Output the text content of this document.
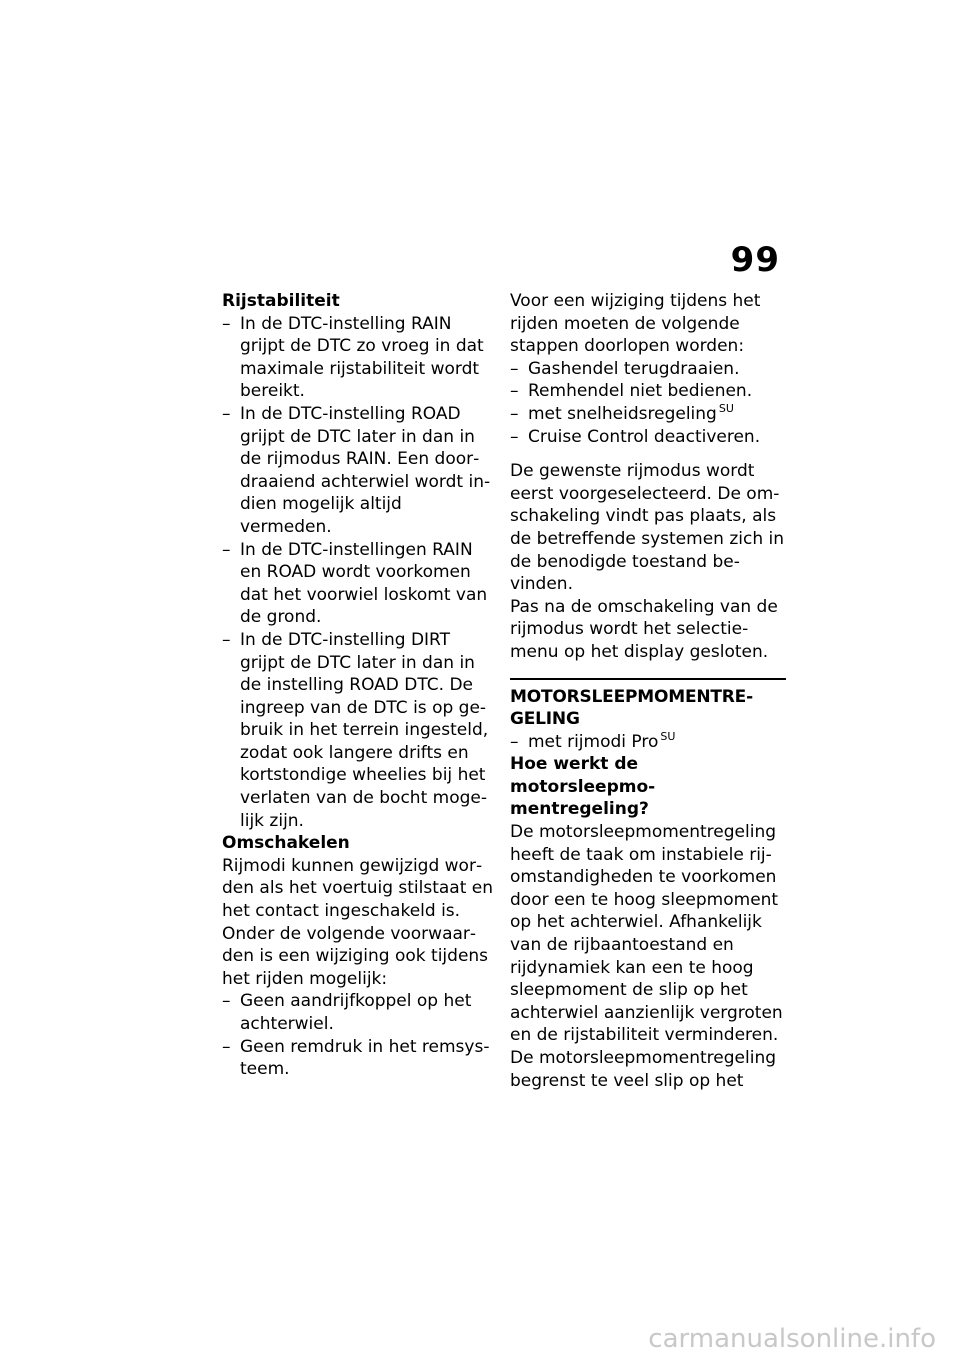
99

Rijstabiliteit

– In de DTC-instelling RAIN grijpt de DTC zo vroeg in dat maximale rijstabiliteit wordt bereikt.

– In de DTC-instelling ROAD grijpt de DTC later in dan in de rijmodus RAIN. Een doordraaiend achterwiel wordt indien mogelijk altijd vermeden.

– In de DTC-instellingen RAIN en ROAD wordt voorkomen dat het voorwiel loskomt van de grond.

– In de DTC-instelling DIRT grijpt de DTC later in dan in de instelling ROAD DTC. De ingreep van de DTC is op gebruik in het terrein ingesteld, zodat ook langere drifts en kortstondige wheelies bij het verlaten van de bocht mogelijk zijn.

Omschakelen

Rijmodi kunnen gewijzigd worden als het voertuig stilstaat en het contact ingeschakeld is.

Onder de volgende voorwaarden is een wijziging ook tijdens het rijden mogelijk:

– Geen aandrijfkoppel op het achterwiel.

– Geen remdruk in het remsysteem.

Voor een wijziging tijdens het rijden moeten de volgende stappen doorlopen worden:

– Gashendel terugdraaien.

– Remhendel niet bedienen.

– met snelheidsregeling $^{SU}$

– Cruise Control deactiveren.

De gewenste rijmodus wordt eerst voorgeselecteerd. De omschakeling vindt pas plaats, als de betreffende systemen zich in de benodigde toestand bevinden.

Pas na de omschakeling van de rijmodus wordt het selectiemenu op het display gesloten.

MOTORSLEEPMOMENTREGELING

– met rijmodi Pro $^{SU}$

Hoe werkt de motorsleepmomentregeling?

De motorsleepmomentregeling heeft de taak om instabiele rijomstandigheden te voorkomen door een te hoog sleepmoment op het achterwiel. Afhankelijk van de rijbaantoestand en rijdynamiek kan een te hoog sleepmoment de slip op het achterwiel aanzienlijk vergroten en de rijstabiliteit verminderen. De motorsleepmomentregeling begrenst te veel slip op het

carmanualsonline.info
